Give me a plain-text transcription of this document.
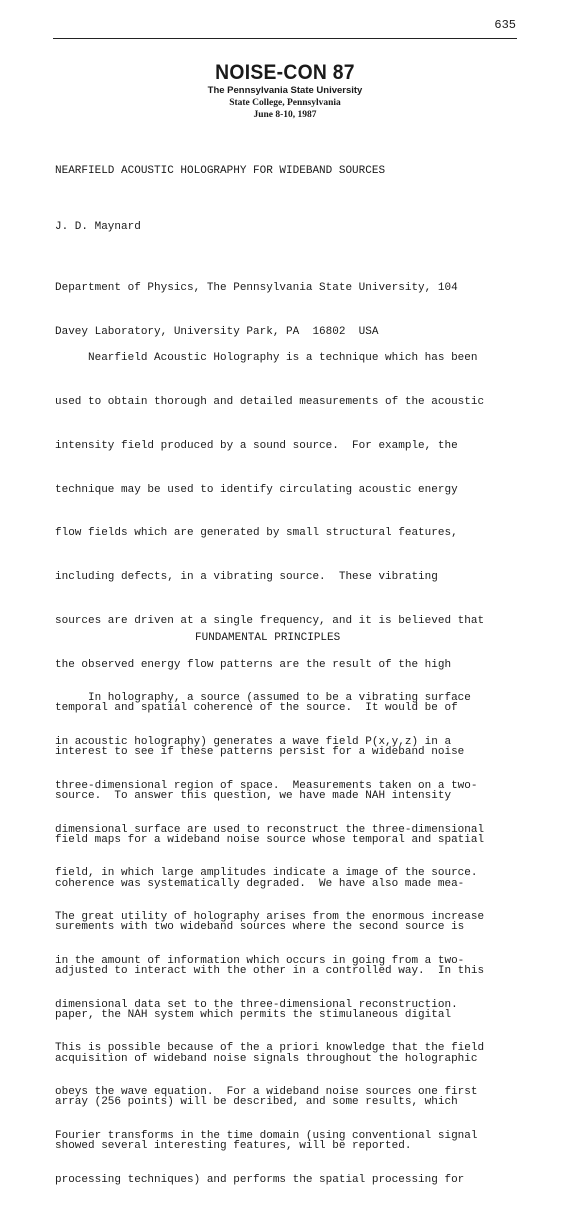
635
NOISE-CON 87
The Pennsylvania State University
State College, Pennsylvania
June 8-10, 1987
NEARFIELD ACOUSTIC HOLOGRAPHY FOR WIDEBAND SOURCES
J. D. Maynard

Department of Physics, The Pennsylvania State University, 104

Davey Laboratory, University Park, PA  16802  USA

Nearfield Acoustic Holography is a technique which has been

used to obtain thorough and detailed measurements of the acoustic

intensity field produced by a sound source.  For example, the

technique may be used to identify circulating acoustic energy

flow fields which are generated by small structural features,

including defects, in a vibrating source.  These vibrating

sources are driven at a single frequency, and it is believed that

the observed energy flow patterns are the result of the high

temporal and spatial coherence of the source.  It would be of

interest to see if these patterns persist for a wideband noise

source.  To answer this question, we have made NAH intensity

field maps for a wideband noise source whose temporal and spatial

coherence was systematically degraded.  We have also made mea-

surements with two wideband sources where the second source is

adjusted to interact with the other in a controlled way.  In this

paper, the NAH system which permits the stimulaneous digital

acquisition of wideband noise signals throughout the holographic

array (256 points) will be described, and some results, which

showed several interesting features, will be reported.

FUNDAMENTAL PRINCIPLES

In holography, a source (assumed to be a vibrating surface

in acoustic holography) generates a wave field P(x,y,z) in a

three-dimensional region of space.  Measurements taken on a two-

dimensional surface are used to reconstruct the three-dimensional

field, in which large amplitudes indicate a image of the source.

The great utility of holography arises from the enormous increase

in the amount of information which occurs in going from a two-

dimensional data set to the three-dimensional reconstruction.

This is possible because of the a priori knowledge that the field

obeys the wave equation.  For a wideband noise sources one first

Fourier transforms in the time domain (using conventional signal

processing techniques) and performs the spatial processing for
